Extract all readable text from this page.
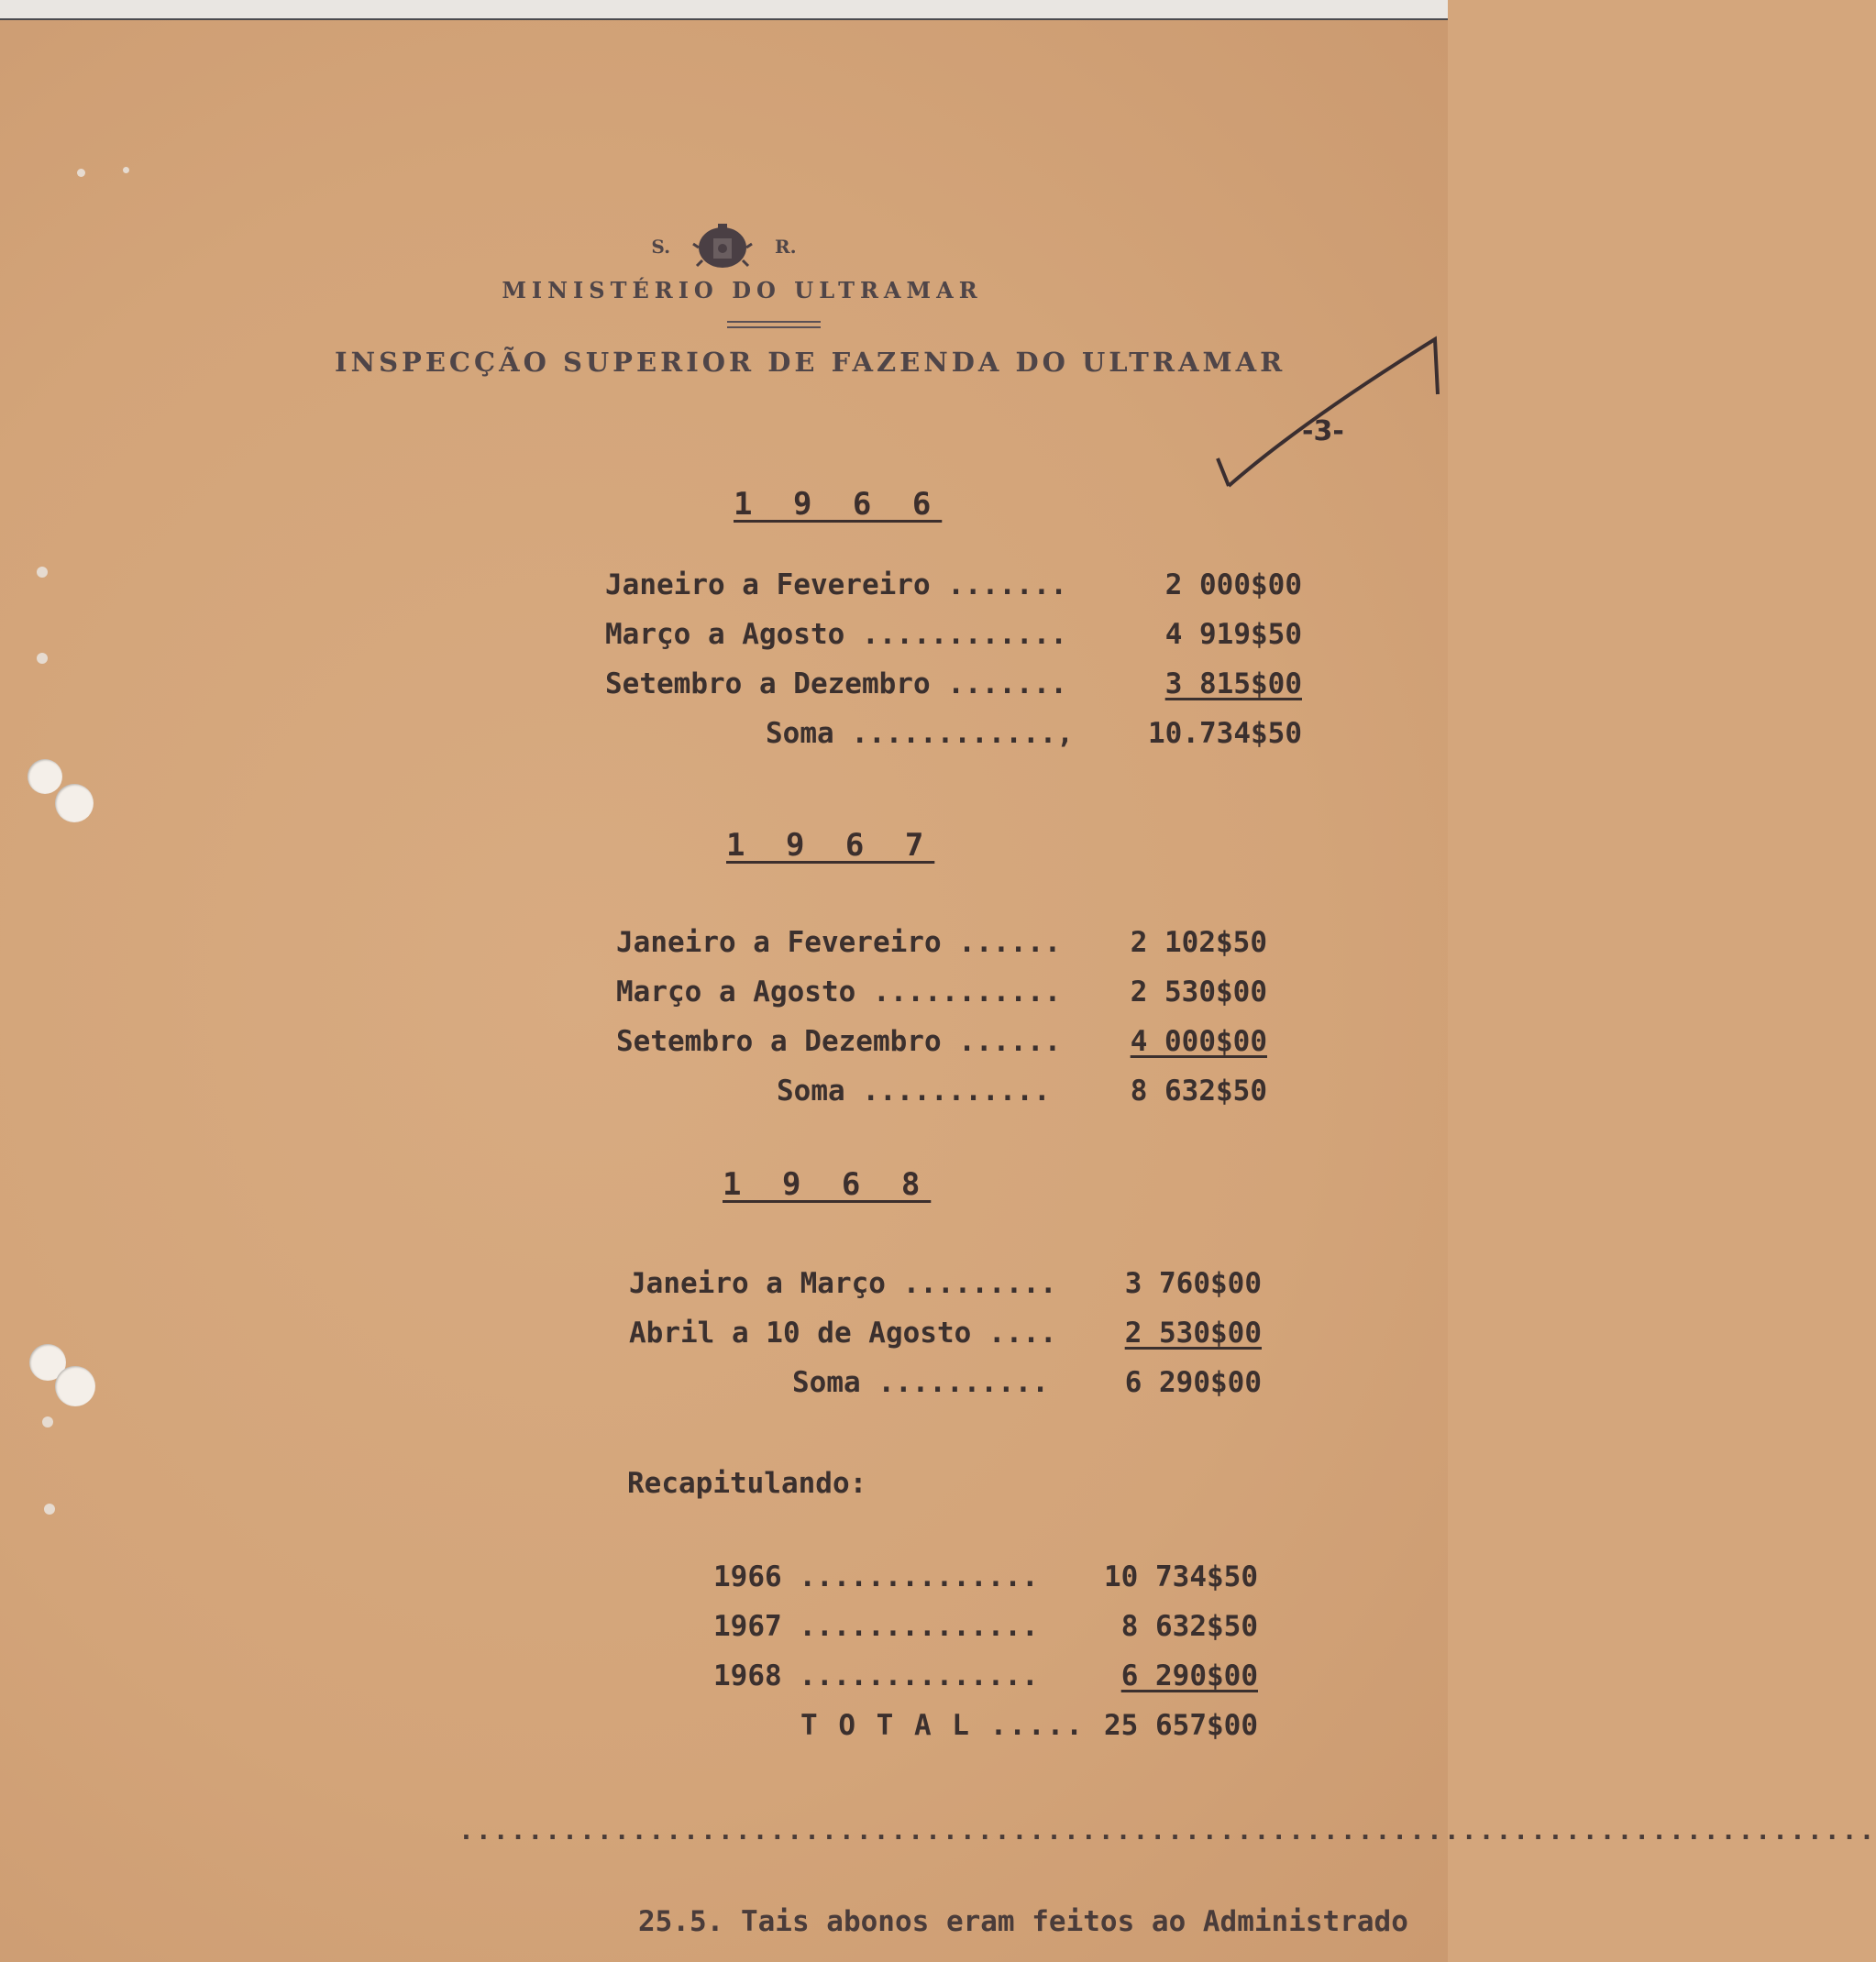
S.	R.
MINISTÉRIO DO ULTRAMAR
INSPECÇÃO SUPERIOR DE FAZENDA DO ULTRAMAR
-3-
1 9 6 6
Janeiro a Fevereiro .......	2 000$00
Março a Agosto ............	4 919$50
Setembro a Dezembro .......	3 815$00
Soma ............,	10.734$50
1 9 6 7
Janeiro a Fevereiro ...... 2 102$50
Março a Agosto ........... 2 530$00
Setembro a Dezembro ...... 4 000$00
Soma ...........	8 632$50
1 9 6 8
Janeiro a Março ......... 3 760$00
Abril a 10 de Agosto .... 2 530$00
Soma ..........	6 290$00
Recapitulando:
1966 .............. 10 734$50
1967 ..............	8 632$50
1968 ..............	6 290$00
T O T A L ..... 25 657$00
..................................................................................
25.5. Tais abonos eram feitos ao Administrado
